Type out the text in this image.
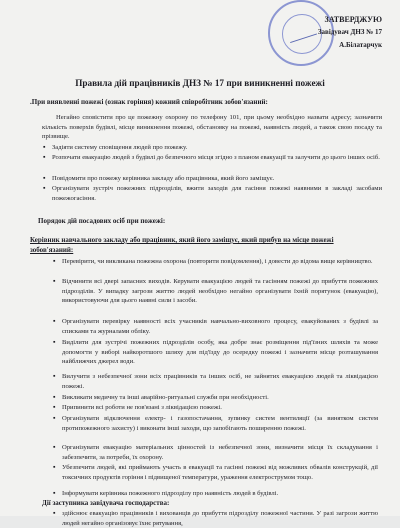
ЗАТВЕРДЖУЮ
Завідувач ДНЗ № 17
А.Білатарчук
Правила дій працівників ДНЗ № 17 при виникненні пожежі
.При виявленні пожежі (ознак горіння) кожний співробітник зобов'язаний:
Негайно сповістити про це пожежну охорону по телефону 101, при цьому необхідно назвати адресу; зазначити кількість поверхів будівлі, місце виникнення пожежі, обстановку на пожежі, наявність людей, а також свою посаду та прізвище.
▪ Задіяти систему сповіщення людей про пожежу.
▪ Розпочати евакуацію людей з будівлі до безпечного місця згідно з планом евакуації та залучити до цього інших осіб.
▪ Повідомити про пожежу керівника закладу або працівника, який його заміщує.
▪ Організувати зустріч пожежних підрозділів, вжити заходів для гасіння пожежі наявними в закладі засобами пожежогасіння.
Порядок дій посадових осіб при пожежі:
Керівник навчального закладу або працівник, який його заміщує, який прибув на місце пожежі зобов'язаний:
▪ Перевірити, чи викликана пожежна охорона (повторити повідомлення), і довести до відома вище керівництво.
▪ Відчинити всі двері запасних виходів. Керувати евакуацією людей та гасінням пожежі до прибуття пожежних підрозділів. У випадку загрози життю людей необхідно негайно організувати їхній порятунок (евакуацію), використовуючи для цього наявні сили і засоби.
▪ Організувати перевірку наявності всіх учасників навчально-виховного процесу, евакуйованих з будівлі за списками та журналами обліку.
▪ Виділити для зустрічі пожежних підрозділів особу, яка добре знає розміщення під'їзних шляхів та може допомогти у виборі найкоротшого шляху для під'їзду до осередку пожежі і зазначити місце розташування найближчих джерел води.
▪ Вилучити з небезпечної зони всіх працівників та інших осіб, не зайнятих евакуацією людей та ліквідацією пожежі.
▪ Викликати медичну та інші аварійно-ритуальні служби при необхідності.
▪ Припинити всі роботи не пов'язані з ліквідацією пожежі.
▪ Організувати відключення електр- і газопостачання, зупинку систем вентиляції (за винятком систем протипожежного захисту) і виконати інші заходи, що запобігають поширенню пожежі.
▪ Організувати евакуацію матеріальних цінностей із небезпечної зони, визначити місця їх складування і забезпечити, за потреби, їх охорону.
▪ Убезпечити людей, які приймають участь в евакуації та гасінні пожежі від можливих обвалів конструкцій, дії токсичних продуктів горіння і підвищеної температури, ураження електрострумом тощо.
▪ Інформувати керівника пожежного підрозділу про наявність людей в будівлі.
Дії заступника завідувача господарства:
▪ здійснює евакуацію працівників і вихованців до прибуття підрозділу пожежної частини. У разі загрози життю людей негайно організовує їхнє рятування,
